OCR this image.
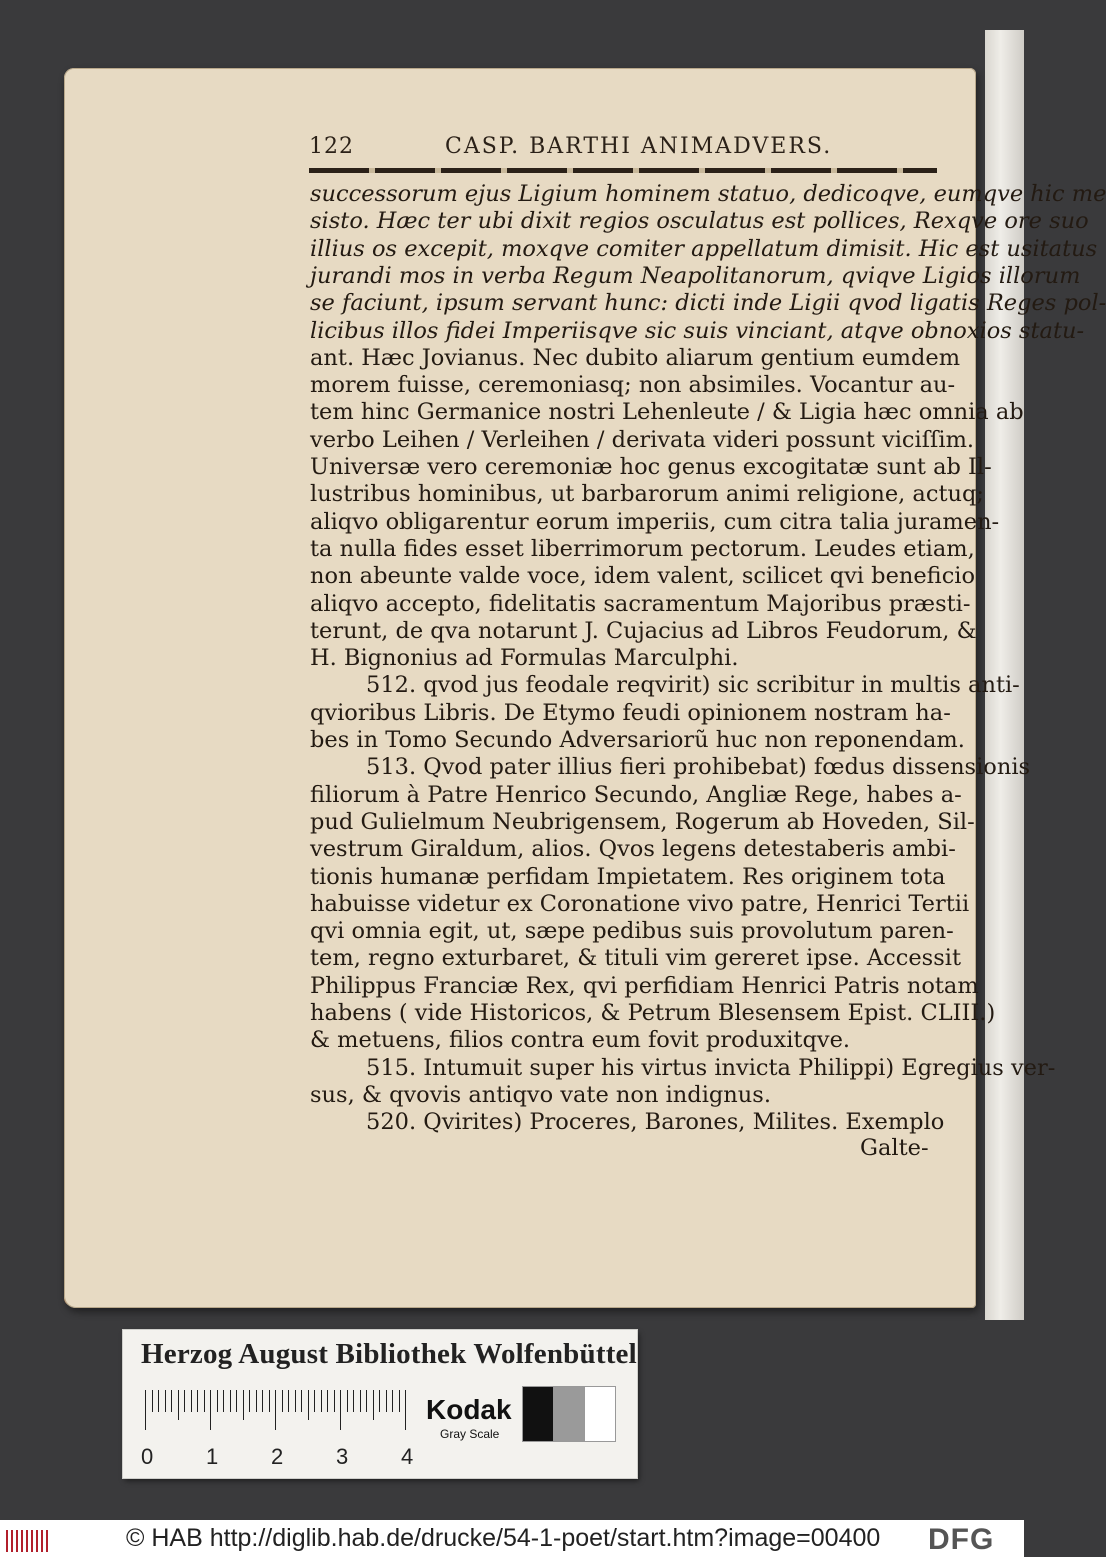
122	CASP. BARTHI ANIMADVERS.
successorum ejus Ligium hominem statuo, dedicoqve, eumqve hic me
sisto. Hæc ter ubi dixit regios osculatus est pollices, Rexqve ore suo
illius os excepit, moxqve comiter appellatum dimisit. Hic est usitatus
jurandi mos in verba Regum Neapolitanorum, qviqve Ligios illorum
se faciunt, ipsum servant hunc: dicti inde Ligii qvod ligatis Reges pol-
licibus illos fidei Imperiisqve sic suis vinciant, atqve obnoxios statu-
ant. Hæc Jovianus. Nec dubito aliarum gentium eumdem
morem fuisse, ceremoniasq; non absimiles. Vocantur au-
tem hinc Germanice nostri Lehenleute / & Ligia hæc omnia ab
verbo Leihen / Verleihen / derivata videri possunt viciſſim.
Universæ vero ceremoniæ hoc genus excogitatæ sunt ab Il-
lustribus hominibus, ut barbarorum animi religione, actuq;
aliqvo obligarentur eorum imperiis, cum citra talia juramen-
ta nulla fides esset liberrimorum pectorum. Leudes etiam,
non abeunte valde voce, idem valent, scilicet qvi beneficio
aliqvo accepto, fidelitatis sacramentum Majoribus præsti-
terunt, de qva notarunt J. Cujacius ad Libros Feudorum, &
H. Bignonius ad Formulas Marculphi.
512. qvod jus feodale reqvirit) sic scribitur in multis anti-
qvioribus Libris. De Etymo feudi opinionem nostram ha-
bes in Tomo Secundo Adversariorũ huc non reponendam.
513. Qvod pater illius fieri prohibebat) fœdus dissensionis
filiorum à Patre Henrico Secundo, Angliæ Rege, habes a-
pud Gulielmum Neubrigensem, Rogerum ab Hoveden, Sil-
vestrum Giraldum, alios. Qvos legens detestaberis ambi-
tionis humanæ perfidam Impietatem. Res originem tota
habuisse videtur ex Coronatione vivo patre, Henrici Tertii
qvi omnia egit, ut, sæpe pedibus suis provolutum paren-
tem, regno exturbaret, & tituli vim gereret ipse. Accessit
Philippus Franciæ Rex, qvi perfidiam Henrici Patris notam
habens ( vide Historicos, & Petrum Blesensem Epist. CLIII.)
& metuens, filios contra eum fovit produxitqve.
515. Intumuit super his virtus invicta Philippi) Egregius ver-
sus, & qvovis antiqvo vate non indignus.
520. Qvirites) Proceres, Barones, Milites. Exemplo
Galte-
Herzog August Bibliothek Wolfenbüttel
0 1 2 3 4
Kodak
Gray Scale
© HAB http://diglib.hab.de/drucke/54-1-poet/start.htm?image=00400 DFG
